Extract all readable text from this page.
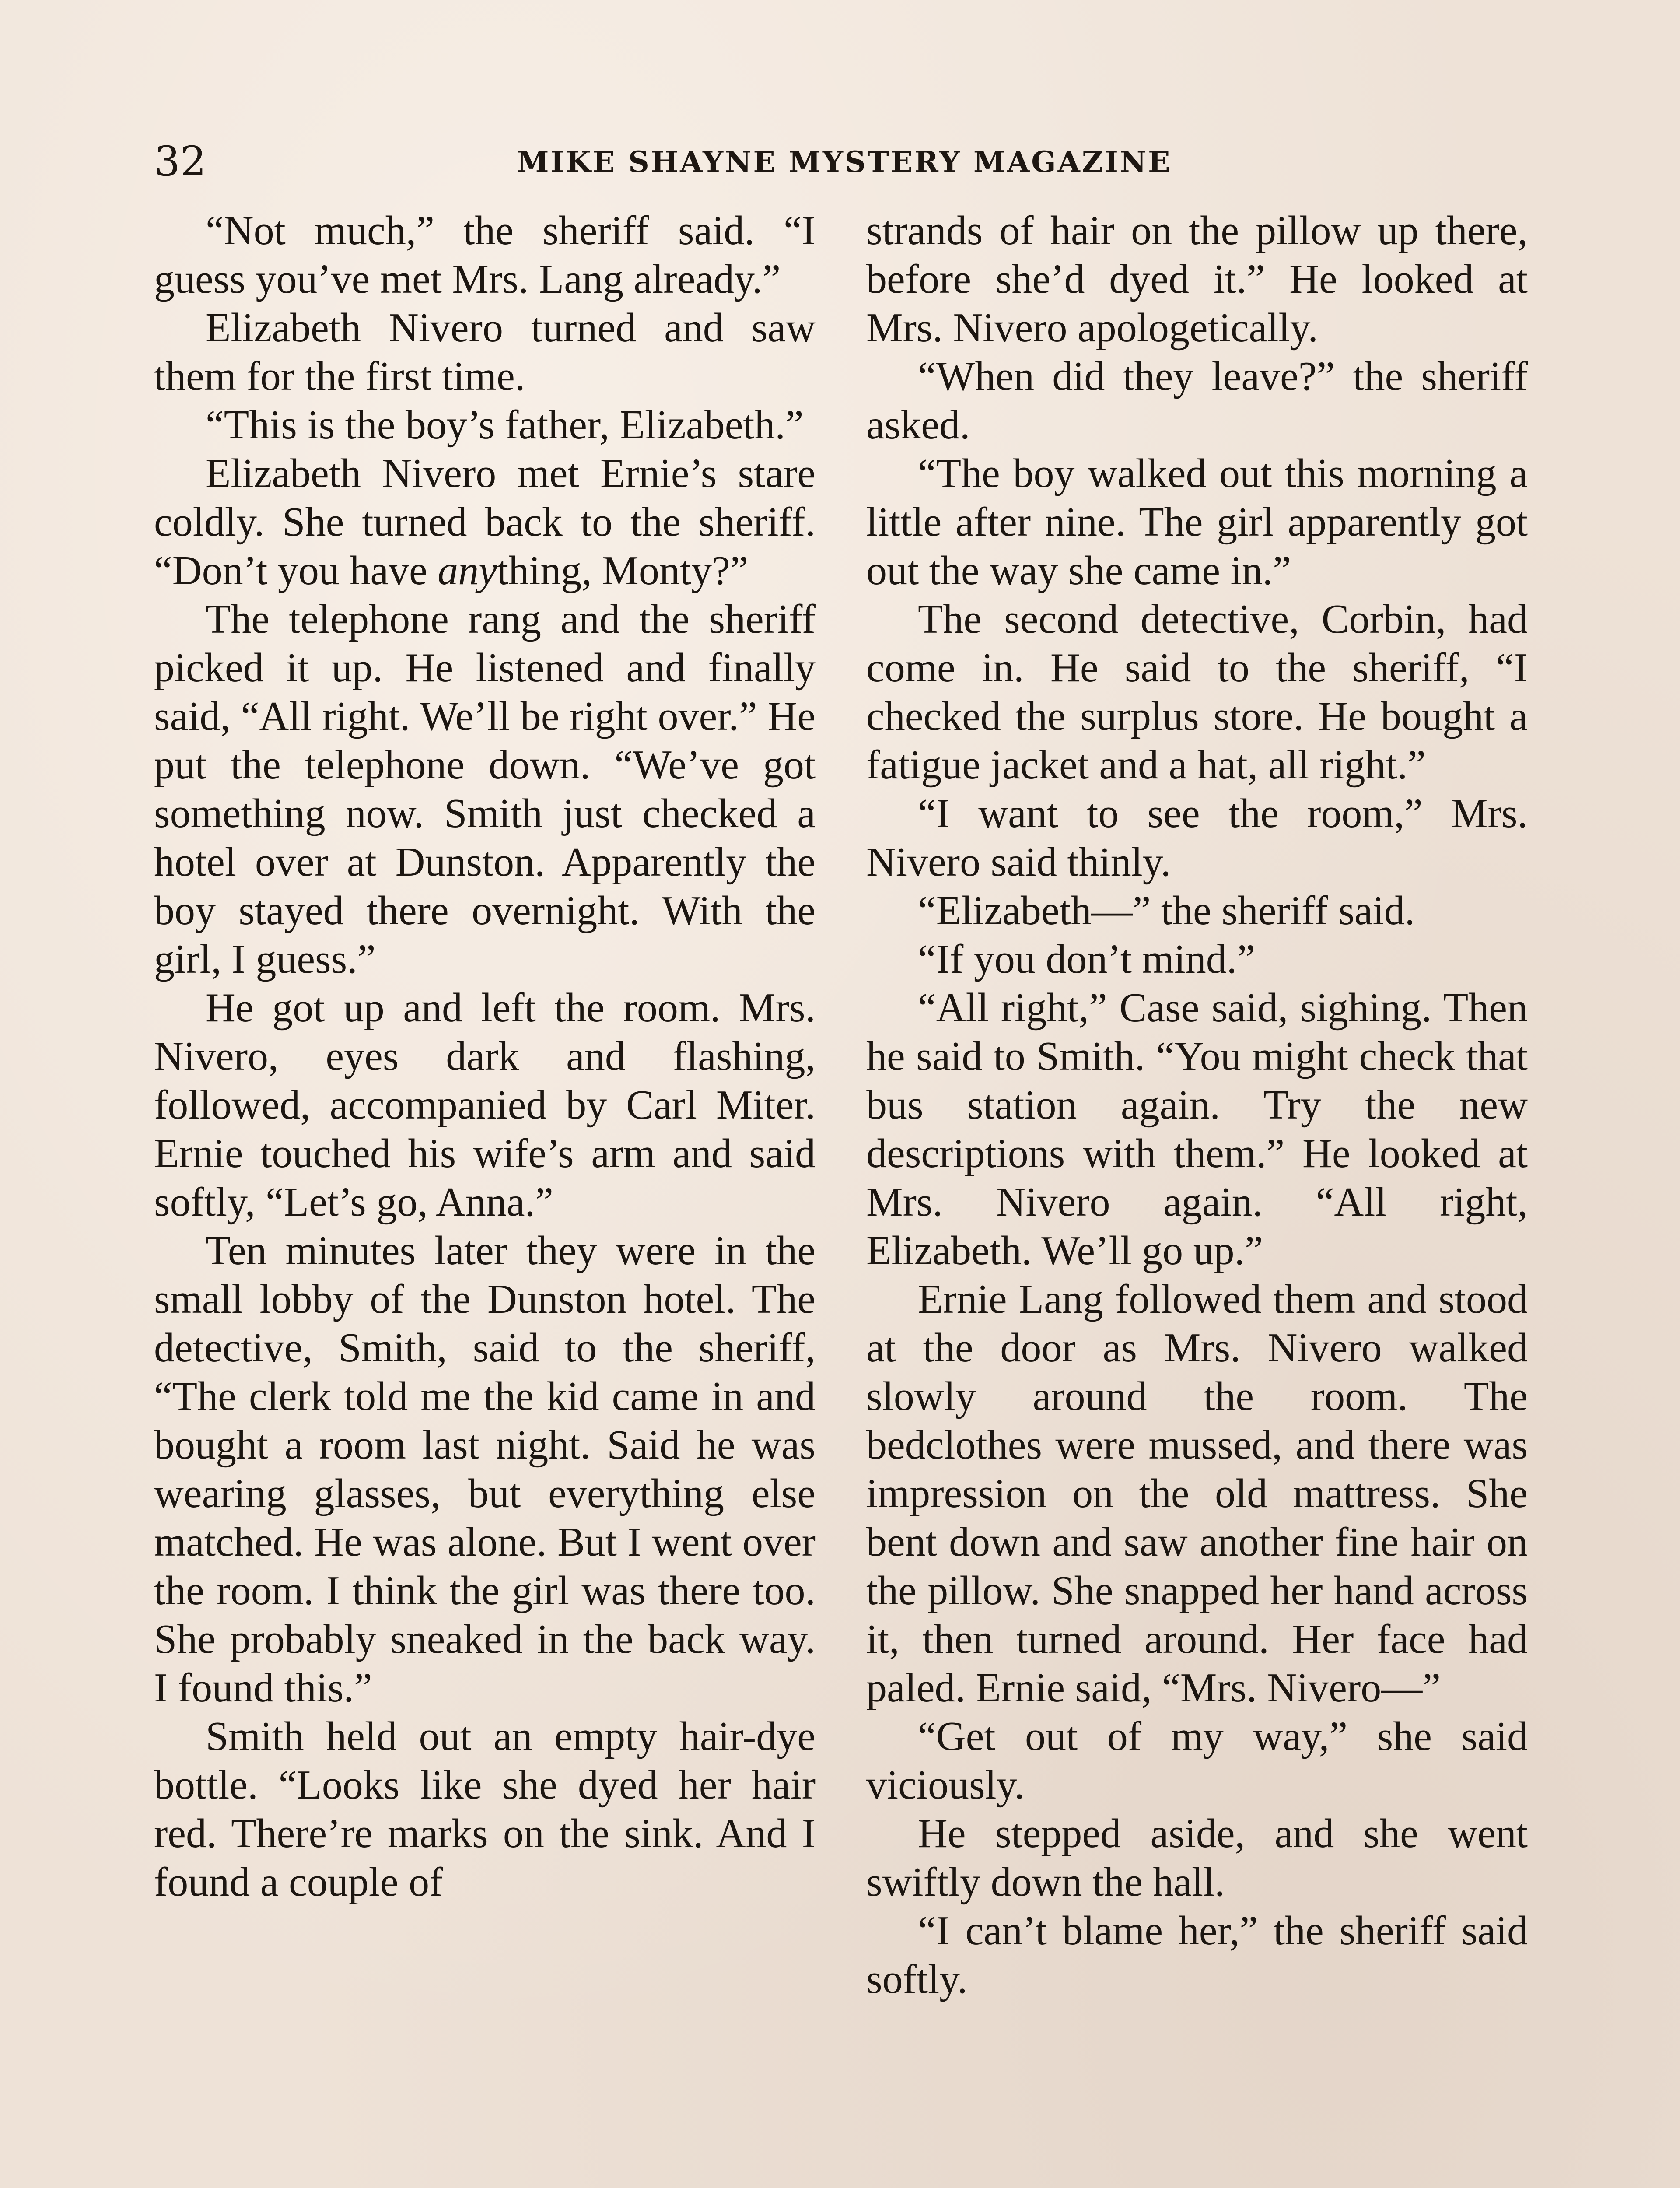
32	MIKE SHAYNE MYSTERY MAGAZINE

“Not much,” the sheriff said. “I guess you’ve met Mrs. Lang already.”

Elizabeth Nivero turned and saw them for the first time.

“This is the boy’s father, Elizabeth.”

Elizabeth Nivero met Ernie’s stare coldly. She turned back to the sheriff. “Don’t you have anything, Monty?”

The telephone rang and the sheriff picked it up. He listened and finally said, “All right. We’ll be right over.” He put the telephone down. “We’ve got something now. Smith just checked a hotel over at Dunston. Apparently the boy stayed there overnight. With the girl, I guess.”

He got up and left the room. Mrs. Nivero, eyes dark and flashing, followed, accompanied by Carl Miter. Ernie touched his wife’s arm and said softly, “Let’s go, Anna.”

Ten minutes later they were in the small lobby of the Dunston hotel. The detective, Smith, said to the sheriff, “The clerk told me the kid came in and bought a room last night. Said he was wearing glasses, but everything else matched. He was alone. But I went over the room. I think the girl was there too. She probably sneaked in the back way. I found this.”

Smith held out an empty hair-dye bottle. “Looks like she dyed her hair red. There’re marks on the sink. And I found a couple of

strands of hair on the pillow up there, before she’d dyed it.” He looked at Mrs. Nivero apologetically.

“When did they leave?” the sheriff asked.

“The boy walked out this morning a little after nine. The girl apparently got out the way she came in.”

The second detective, Corbin, had come in. He said to the sheriff, “I checked the surplus store. He bought a fatigue jacket and a hat, all right.”

“I want to see the room,” Mrs. Nivero said thinly.

“Elizabeth—” the sheriff said.

“If you don’t mind.”

“All right,” Case said, sighing. Then he said to Smith. “You might check that bus station again. Try the new descriptions with them.” He looked at Mrs. Nivero again. “All right, Elizabeth. We’ll go up.”

Ernie Lang followed them and stood at the door as Mrs. Nivero walked slowly around the room. The bedclothes were mussed, and there was impression on the old mattress. She bent down and saw another fine hair on the pillow. She snapped her hand across it, then turned around. Her face had paled. Ernie said, “Mrs. Nivero—”

“Get out of my way,” she said viciously.

He stepped aside, and she went swiftly down the hall.

“I can’t blame her,” the sheriff said softly.
